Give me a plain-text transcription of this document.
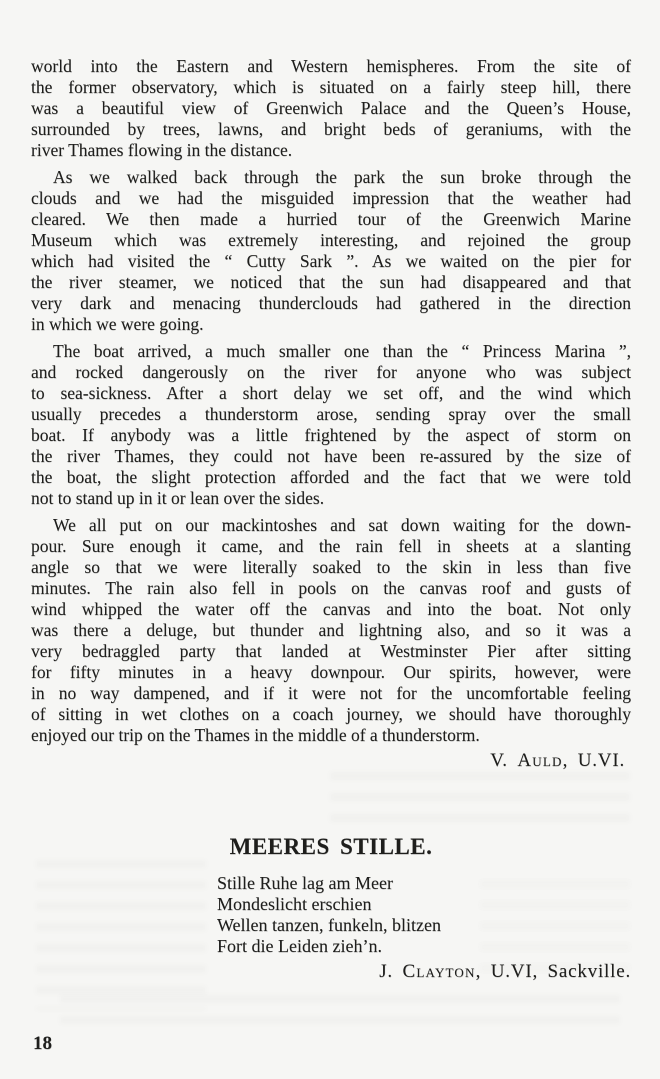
world into the Eastern and Western hemispheres. From the site of
the former observatory, which is situated on a fairly steep hill, there
was a beautiful view of Greenwich Palace and the Queen’s House,
surrounded by trees, lawns, and bright beds of geraniums, with the
river Thames flowing in the distance.
As we walked back through the park the sun broke through the
clouds and we had the misguided impression that the weather had
cleared. We then made a hurried tour of the Greenwich Marine
Museum which was extremely interesting, and rejoined the group
which had visited the “ Cutty Sark ”. As we waited on the pier for
the river steamer, we noticed that the sun had disappeared and that
very dark and menacing thunderclouds had gathered in the direction
in which we were going.
The boat arrived, a much smaller one than the “ Princess Marina ”,
and rocked dangerously on the river for anyone who was subject
to sea-sickness. After a short delay we set off, and the wind which
usually precedes a thunderstorm arose, sending spray over the small
boat. If anybody was a little frightened by the aspect of storm on
the river Thames, they could not have been re-assured by the size of
the boat, the slight protection afforded and the fact that we were told
not to stand up in it or lean over the sides.
We all put on our mackintoshes and sat down waiting for the down-
pour. Sure enough it came, and the rain fell in sheets at a slanting
angle so that we were literally soaked to the skin in less than five
minutes. The rain also fell in pools on the canvas roof and gusts of
wind whipped the water off the canvas and into the boat. Not only
was there a deluge, but thunder and lightning also, and so it was a
very bedraggled party that landed at Westminster Pier after sitting
for fifty minutes in a heavy downpour. Our spirits, however, were
in no way dampened, and if it were not for the uncomfortable feeling
of sitting in wet clothes on a coach journey, we should have thoroughly
enjoyed our trip on the Thames in the middle of a thunderstorm.
V. Auld, U.VI.
MEERES STILLE.
Stille Ruhe lag am Meer
Mondeslicht erschien
Wellen tanzen, funkeln, blitzen
Fort die Leiden zieh’n.
J. Clayton, U.VI, Sackville.
18
